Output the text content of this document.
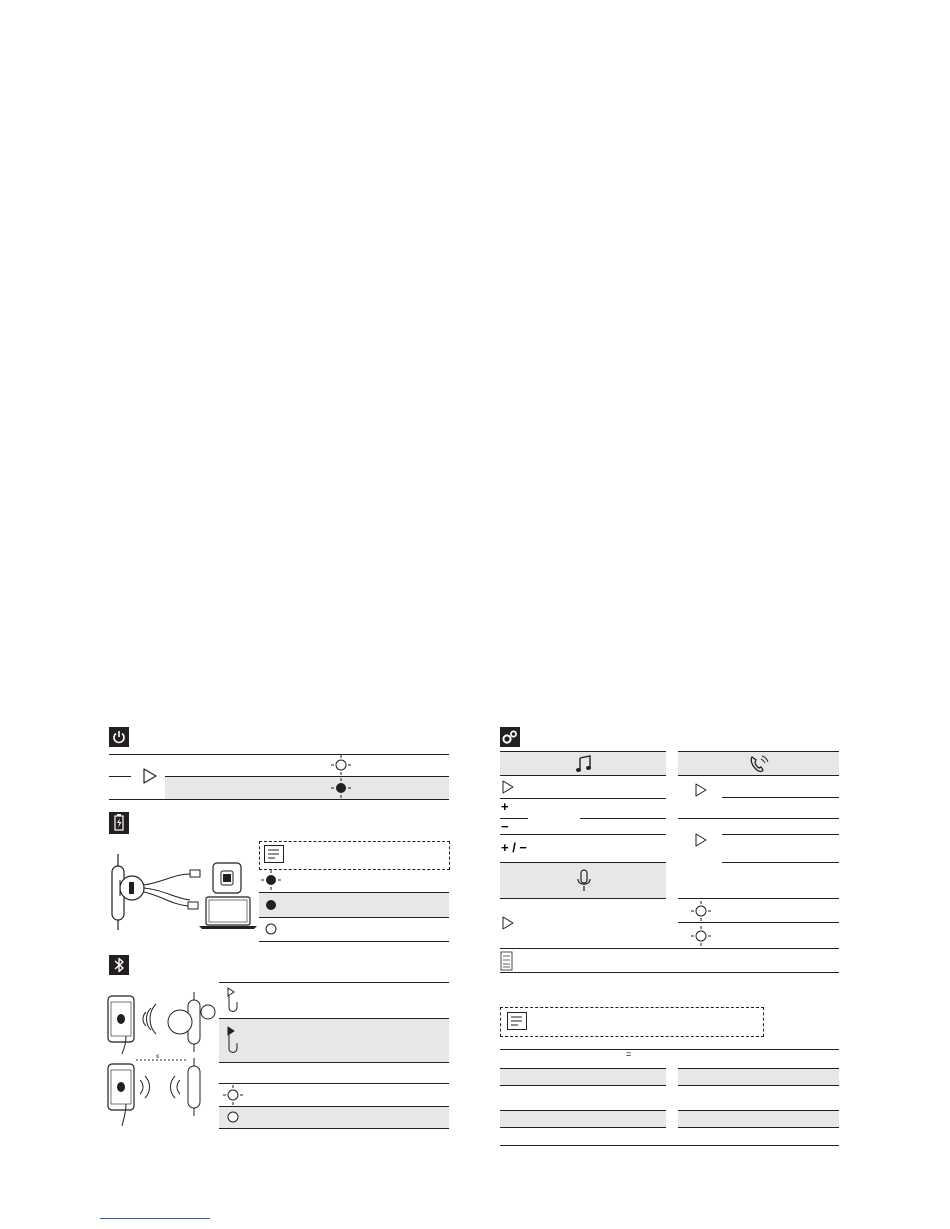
≤
+
−
+ / −
=
